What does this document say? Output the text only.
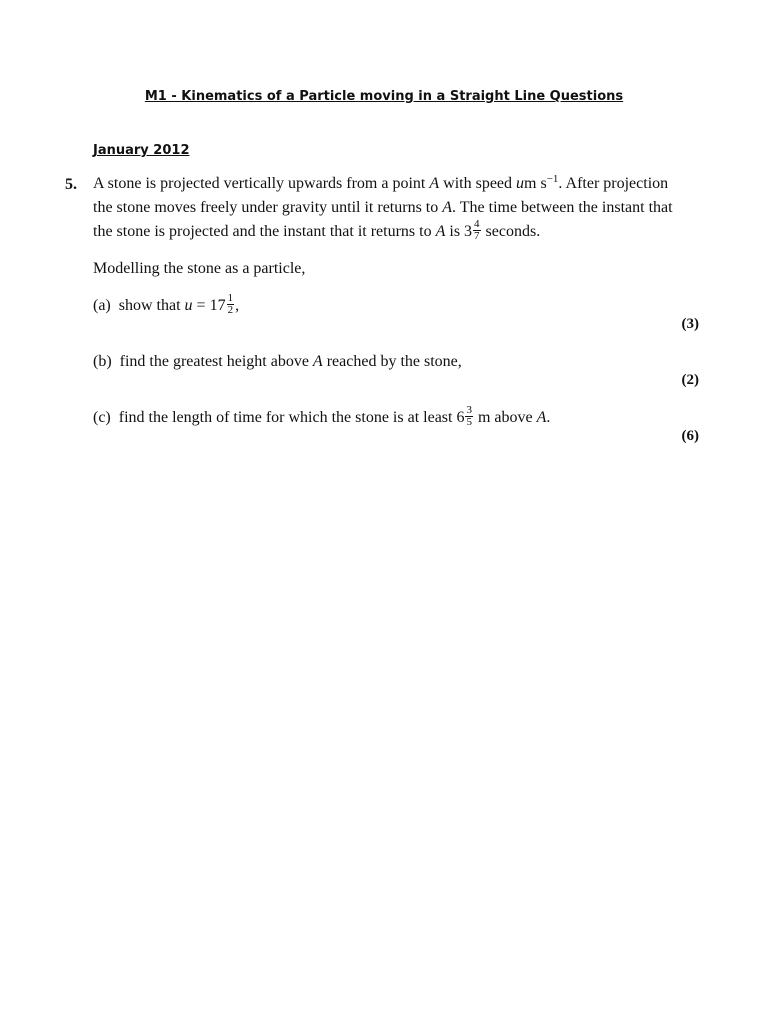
M1 - Kinematics of a Particle moving in a Straight Line Questions
January 2012
5. A stone is projected vertically upwards from a point A with speed um $s^{-1}$. After projection
the stone moves freely under gravity until it returns to A. The time between the instant that
the stone is projected and the instant that it returns to A is $3 \frac{4}{7}$ seconds.
Modelling the stone as a particle,
(a) show that $u = 17 \frac{1}{2}$ ,
(3)
(b) find the greatest height above A reached by the stone,
(2)
(c) find the length of time for which the stone is at least $6 \frac{3}{5}$ m above A.
(6)
